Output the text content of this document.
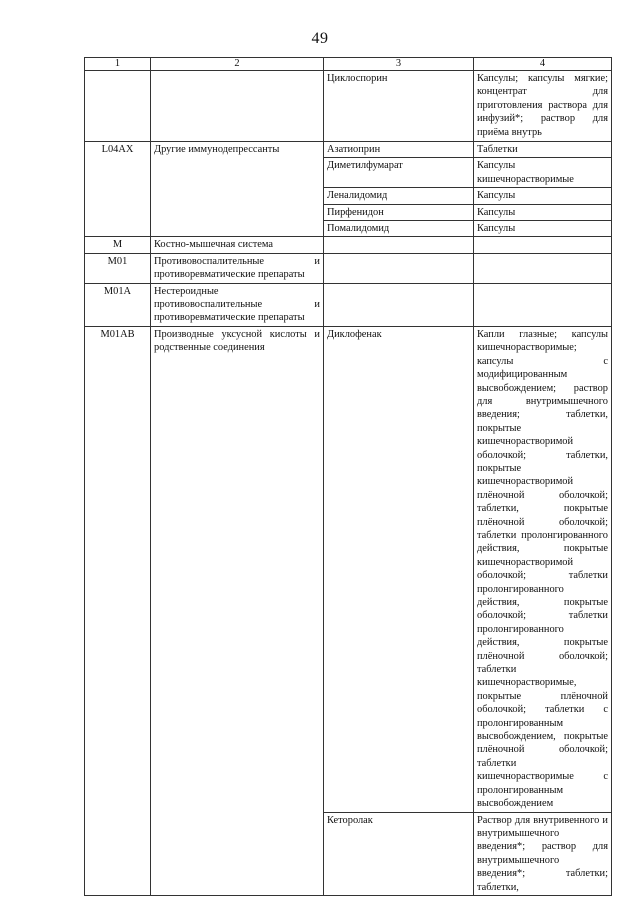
49
1	2	3	4
		Циклоспорин	Капсулы; капсулы мягкие; концентрат для приготовления раствора для инфузий*; раствор для приёма внутрь
L04AX	Другие иммунодепрессанты	Азатиоприн	Таблетки
		Диметилфумарат	Капсулы кишечнорастворимые
		Леналидомид	Капсулы
		Пирфенидон	Капсулы
		Помалидомид	Капсулы
M	Костно-мышечная система		
M01	Противовоспалительные и противоревматические препараты		
M01A	Нестероидные противовоспалительные и противоревматические препараты		
M01AB	Производные уксусной кислоты и родственные соединения	Диклофенак	Капли глазные; капсулы кишечнорастворимые; капсулы с модифицированным высвобождением; раствор для внутримышечного введения; таблетки, покрытые кишечнорастворимой оболочкой; таблетки, покрытые кишечнорастворимой плёночной оболочкой; таблетки, покрытые плёночной оболочкой; таблетки пролонгированного действия, покрытые кишечнорастворимой оболочкой; таблетки пролонгированного действия, покрытые оболочкой; таблетки пролонгированного действия, покрытые плёночной оболочкой; таблетки кишечнорастворимые, покрытые плёночной оболочкой; таблетки с пролонгированным высвобождением, покрытые плёночной оболочкой; таблетки кишечнорастворимые с пролонгированным высвобождением
		Кеторолак	Раствор для внутривенного и внутримышечного введения*; раствор для внутримышечного введения*; таблетки; таблетки,
